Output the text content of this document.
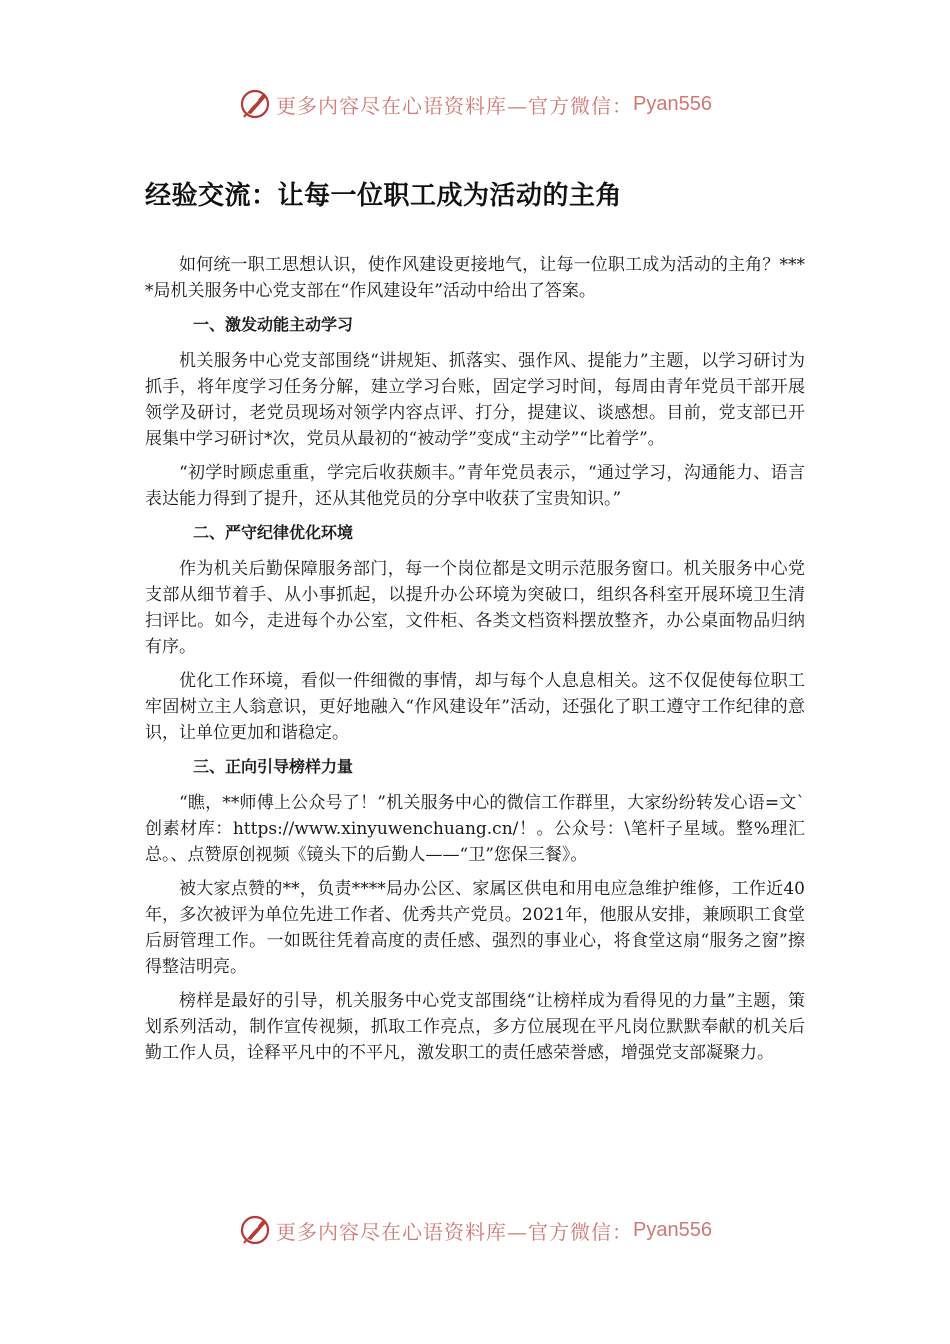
更多内容尽在心语资料库—官方微信： Pyan556
经验交流：让每一位职工成为活动的主角

如何统一职工思想认识，使作风建设更接地气，让每一位职工成为活动的主角？****局机关服务中心党支部在“作风建设年”活动中给出了答案。

一、激发动能主动学习

机关服务中心党支部围绕“讲规矩、抓落实、强作风、提能力”主题，以学习研讨为抓手，将年度学习任务分解，建立学习台账，固定学习时间，每周由青年党员干部开展领学及研讨，老党员现场对领学内容点评、打分，提建议、谈感想。目前，党支部已开展集中学习研讨*次，党员从最初的“被动学”变成“主动学”“比着学”。

“初学时顾虑重重，学完后收获颇丰。”青年党员表示，“通过学习，沟通能力、语言表达能力得到了提升，还从其他党员的分享中收获了宝贵知识。”

二、严守纪律优化环境

作为机关后勤保障服务部门，每一个岗位都是文明示范服务窗口。机关服务中心党支部从细节着手、从小事抓起，以提升办公环境为突破口，组织各科室开展环境卫生清扫评比。如今，走进每个办公室，文件柜、各类文档资料摆放整齐，办公桌面物品归纳有序。

优化工作环境，看似一件细微的事情，却与每个人息息相关。这不仅促使每位职工牢固树立主人翁意识，更好地融入“作风建设年”活动，还强化了职工遵守工作纪律的意识，让单位更加和谐稳定。

三、正向引导榜样力量

“瞧，**师傅上公众号了！”机关服务中心的微信工作群里，大家纷纷转发心语=文`创素材库：https://www.xinyuwenchuang.cn/！。公众号：\笔杆子星域。整%理汇总。、点赞原创视频《镜头下的后勤人——“卫”您保三餐》。

被大家点赞的**，负责****局办公区、家属区供电和用电应急维护维修，工作近40年，多次被评为单位先进工作者、优秀共产党员。2021年，他服从安排，兼顾职工食堂后厨管理工作。一如既往凭着高度的责任感、强烈的事业心，将食堂这扇“服务之窗”擦得整洁明亮。

榜样是最好的引导，机关服务中心党支部围绕“让榜样成为看得见的力量”主题，策划系列活动，制作宣传视频，抓取工作亮点，多方位展现在平凡岗位默默奉献的机关后勤工作人员，诠释平凡中的不平凡，激发职工的责任感荣誉感，增强党支部凝聚力。

更多内容尽在心语资料库—官方微信： Pyan556
